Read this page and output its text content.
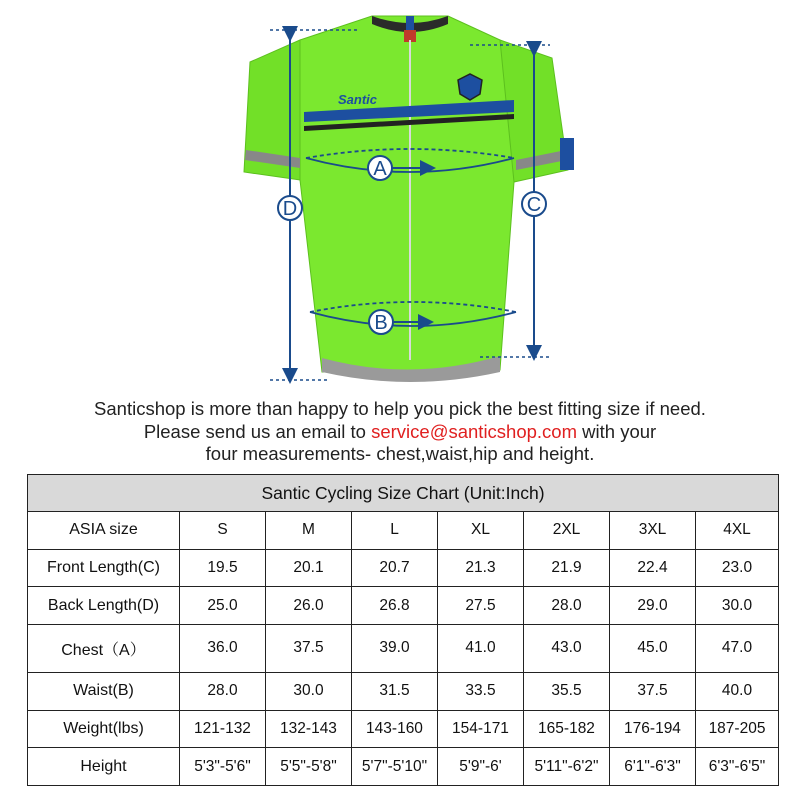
Santic
D	C
A
B
Santicshop is more than happy to help you pick the best fitting size if need.
Please send us an email to service@santicshop.com with your
four measurements- chest,waist,hip and height.
Santic Cycling Size Chart (Unit:Inch)							
ASIA size	S	M	L	XL	2XL	3XL	4XL
Front Length(C)	19.5	20.1	20.7	21.3	21.9	22.4	23.0
Back Length(D)	25.0	26.0	26.8	27.5	28.0	29.0	30.0
Chest（A）	36.0	37.5	39.0	41.0	43.0	45.0	47.0
Waist(B)	28.0	30.0	31.5	33.5	35.5	37.5	40.0
Weight(lbs)	121-132	132-143	143-160	154-171	165-182	176-194	187-205
Height	5'3"-5'6"	5'5"-5'8"	5'7"-5'10"	5'9"-6'	5'11"-6'2"	6'1"-6'3"	6'3"-6'5"
